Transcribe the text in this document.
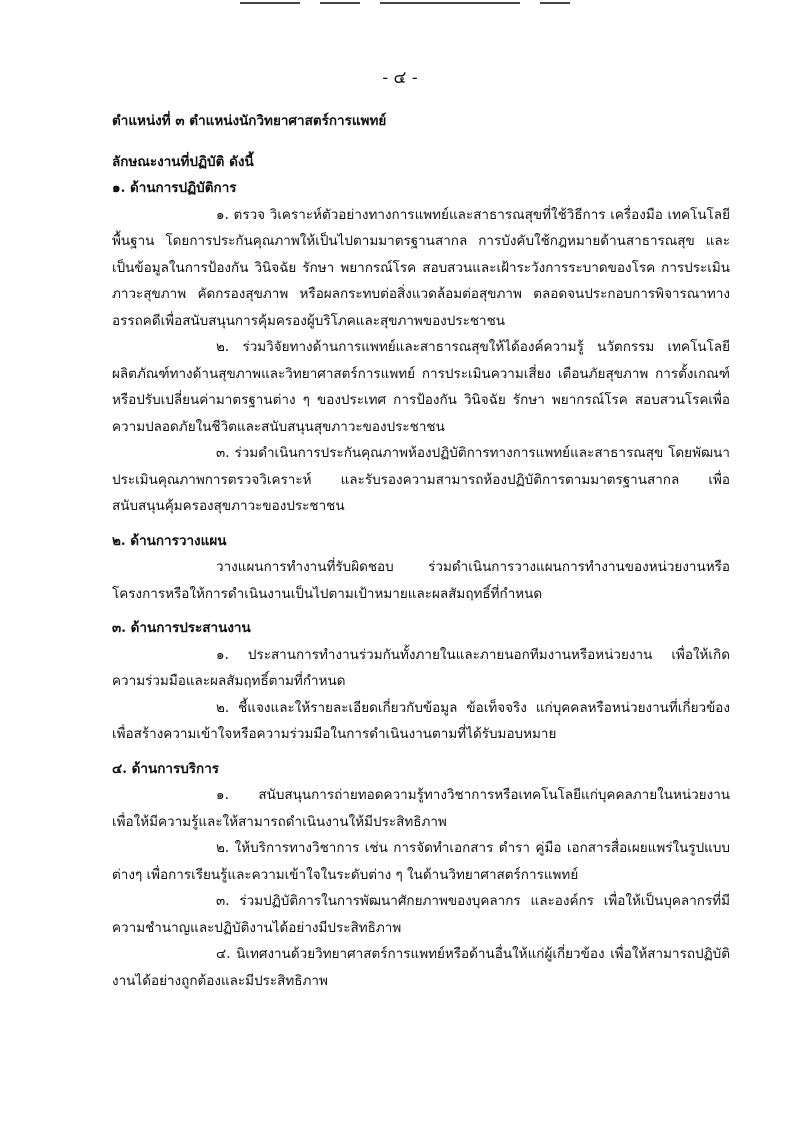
- ๔ -
ตำแหน่งที่ ๓ ตำแหน่งนักวิทยาศาสตร์การแพทย์
ลักษณะงานที่ปฏิบัติ ดังนี้
๑. ด้านการปฏิบัติการ

๑. ตรวจ วิเคราะห์ตัวอย่างทางการแพทย์และสาธารณสุขที่ใช้วิธีการ เครื่องมือ เทคโนโลยีพื้นฐาน โดยการประกันคุณภาพให้เป็นไปตามมาตรฐานสากล การบังคับใช้กฎหมายด้านสาธารณสุข และเป็นข้อมูลในการป้องกัน วินิจฉัย รักษา พยากรณ์โรค สอบสวนและเฝ้าระวังการระบาดของโรค การประเมินภาวะสุขภาพ คัดกรองสุขภาพ หรือผลกระทบต่อสิ่งแวดล้อมต่อสุขภาพ ตลอดจนประกอบการพิจารณาทางอรรถคดีเพื่อสนับสนุนการคุ้มครองผู้บริโภคและสุขภาพของประชาชน

๒. ร่วมวิจัยทางด้านการแพทย์และสาธารณสุขให้ได้องค์ความรู้ นวัตกรรม เทคโนโลยีผลิตภัณฑ์ทางด้านสุขภาพและวิทยาศาสตร์การแพทย์ การประเมินความเสี่ยง เตือนภัยสุขภาพ การตั้งเกณฑ์หรือปรับเปลี่ยนค่ามาตรฐานต่าง ๆ ของประเทศ การป้องกัน วินิจฉัย รักษา พยากรณ์โรค สอบสวนโรคเพื่อความปลอดภัยในชีวิตและสนับสนุนสุขภาวะของประชาชน

๓. ร่วมดำเนินการประกันคุณภาพห้องปฏิบัติการทางการแพทย์และสาธารณสุข โดยพัฒนาประเมินคุณภาพการตรวจวิเคราะห์ และรับรองความสามารถห้องปฏิบัติการตามมาตรฐานสากล เพื่อสนับสนุนคุ้มครองสุขภาวะของประชาชน

๒. ด้านการวางแผน

วางแผนการทำงานที่รับผิดชอบ ร่วมดำเนินการวางแผนการทำงานของหน่วยงานหรือโครงการหรือให้การดำเนินงานเป็นไปตามเป้าหมายและผลสัมฤทธิ์ที่กำหนด

๓. ด้านการประสานงาน

๑. ประสานการทำงานร่วมกันทั้งภายในและภายนอกทีมงานหรือหน่วยงาน เพื่อให้เกิดความร่วมมือและผลสัมฤทธิ์ตามที่กำหนด

๒. ชี้แจงและให้รายละเอียดเกี่ยวกับข้อมูล ข้อเท็จจริง แก่บุคคลหรือหน่วยงานที่เกี่ยวข้องเพื่อสร้างความเข้าใจหรือความร่วมมือในการดำเนินงานตามที่ได้รับมอบหมาย

๔. ด้านการบริการ

๑. สนับสนุนการถ่ายทอดความรู้ทางวิชาการหรือเทคโนโลยีแก่บุคคลภายในหน่วยงาน เพื่อให้มีความรู้และให้สามารถดำเนินงานให้มีประสิทธิภาพ

๒. ให้บริการทางวิชาการ เช่น การจัดทำเอกสาร ตำรา คู่มือ เอกสารสื่อเผยแพร่ในรูปแบบต่างๆ เพื่อการเรียนรู้และความเข้าใจในระดับต่าง ๆ ในด้านวิทยาศาสตร์การแพทย์

๓. ร่วมปฏิบัติการในการพัฒนาศักยภาพของบุคลากร และองค์กร เพื่อให้เป็นบุคลากรที่มีความชำนาญและปฏิบัติงานได้อย่างมีประสิทธิภาพ

๔. นิเทศงานด้วยวิทยาศาสตร์การแพทย์หรือด้านอื่นให้แก่ผู้เกี่ยวข้อง เพื่อให้สามารถปฏิบัติงานได้อย่างถูกต้องและมีประสิทธิภาพ
